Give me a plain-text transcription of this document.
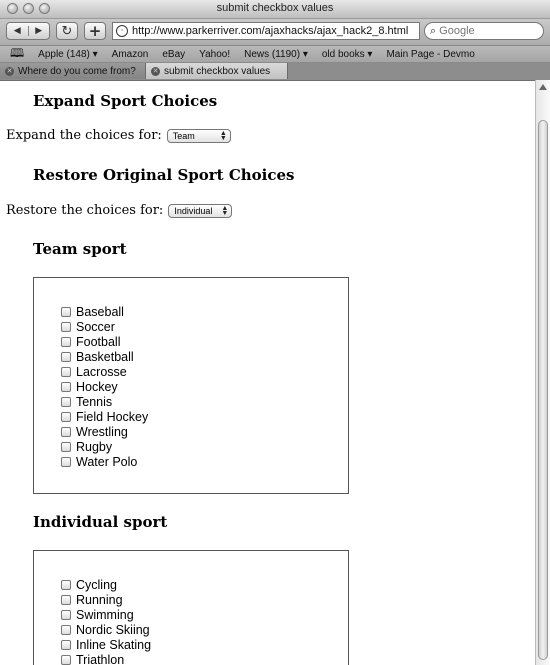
submit checkbox values
◀	▶	↻	+	· http://www.parkerriver.com/ajaxhacks/ajax_hack2_8.html ⌕
Google
🕮 Apple (148) ▾ Amazon eBay Yahoo! News (1190) ▾ old books ▾ Main Page - Devmo
✕ Where do you come from? ✕ submit checkbox values
Expand Sport Choices
Expand the choices for: Team	▲
▼
Restore Original Sport Choices
Restore the choices for: Individual ▲
▼
Team sport
Baseball
Soccer
Football
Basketball
Lacrosse
Hockey
Tennis
Field Hockey
Wrestling
Rugby
Water Polo
Individual sport
Cycling
Running
Swimming
Nordic Skiing
Inline Skating
Triathlon
